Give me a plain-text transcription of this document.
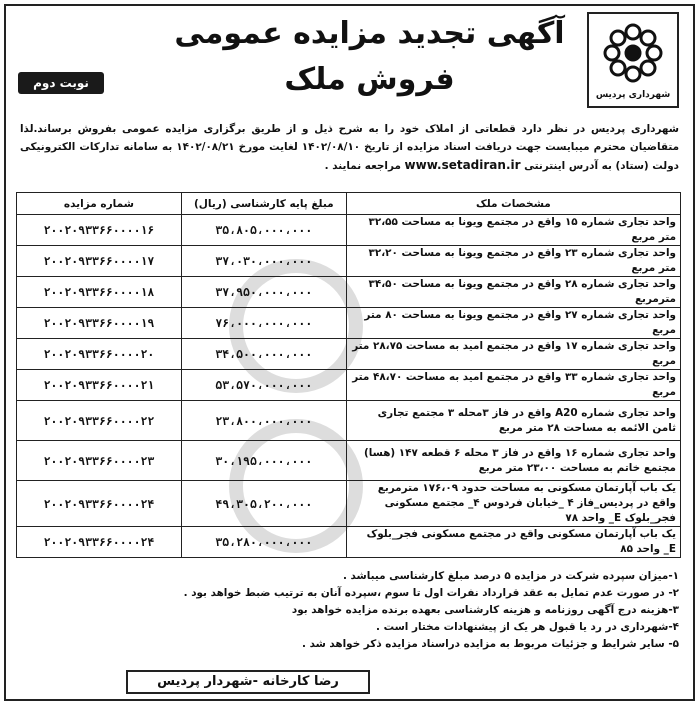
شهرداری پردیس
آگهی تجدید مزایده عمومی
فروش ملک
نوبت دوم
شهرداری پردیس در نظر دارد قطعاتی از املاک خود را به شرح ذیل و از طریق برگزاری مزایده عمومی بفروش برساند.لذا متقاضیان محترم میبایست جهت دریافت اسناد مزایده از تاریخ ۱۴۰۲/۰۸/۱۰ لغایت مورخ ۱۴۰۲/۰۸/۲۱ به سامانه تدارکات الکترونیکی دولت (ستاد) به آدرس اینترنتی www.setadiran.ir مراجعه نمایند .
مشخصات ملک	مبلغ پایه کارشناسی (ریال)	شماره مزایده
واحد تجاری شماره ۱۵ واقع در مجتمع ویونا به مساحت ۳۲،۵۵ متر مربع	۳۵،۸۰۵،۰۰۰،۰۰۰	۲۰۰۲۰۹۳۳۶۶۰۰۰۰۱۶
واحد تجاری شماره ۲۳ واقع در مجتمع ویونا به مساحت ۳۲،۲۰ متر مربع	۳۷،۰۳۰،۰۰۰،۰۰۰	۲۰۰۲۰۹۳۳۶۶۰۰۰۰۱۷
واحد تجاری شماره ۲۸ واقع در مجتمع ویونا به مساحت ۳۴،۵۰ مترمربع	۳۷،۹۵۰،۰۰۰،۰۰۰	۲۰۰۲۰۹۳۳۶۶۰۰۰۰۱۸
واحد تجاری شماره ۲۷ واقع در مجتمع ویونا به مساحت ۸۰ متر مربع	۷۶،۰۰۰،۰۰۰،۰۰۰	۲۰۰۲۰۹۳۳۶۶۰۰۰۰۱۹
واحد تجاری شماره ۱۷ واقع در مجتمع امید به مساحت ۲۸،۷۵ متر مربع	۳۴،۵۰۰،۰۰۰،۰۰۰	۲۰۰۲۰۹۳۳۶۶۰۰۰۰۲۰
واحد تجاری شماره ۳۳ واقع در مجتمع امید به مساحت ۴۸،۷۰ متر مربع	۵۳،۵۷۰،۰۰۰،۰۰۰	۲۰۰۲۰۹۳۳۶۶۰۰۰۰۲۱
واحد تجاری شماره A20 واقع در فاز ۳محله ۳ مجتمع تجاری ثامن الائمه به مساحت ۲۸ متر مربع	۲۳،۸۰۰،۰۰۰،۰۰۰	۲۰۰۲۰۹۳۳۶۶۰۰۰۰۲۲
واحد تجاری شماره ۱۶ واقع در فاز ۳ محله ۶ قطعه ۱۴۷ (هسا) مجتمع خاتم به مساحت ۲۳،۰۰ متر مربع	۳۰،۱۹۵،۰۰۰،۰۰۰	۲۰۰۲۰۹۳۳۶۶۰۰۰۰۲۳
یک باب آپارتمان مسکونی به مساحت حدود ۱۷۶،۰۹ مترمربع واقع در پردیس_فاز ۴ _خیابان فردوس ۴_ مجتمع مسکونی فجر_بلوک E_ واحد ۷۸	۴۹،۳۰۵،۲۰۰،۰۰۰	۲۰۰۲۰۹۳۳۶۶۰۰۰۰۲۴
یک باب آپارتمان مسکونی واقع در مجتمع مسکونی فجر_بلوک E_ واحد ۸۵	۳۵،۲۸۰،۰۰۰،۰۰۰	۲۰۰۲۰۹۳۳۶۶۰۰۰۰۲۴
۱-میزان سپرده شرکت در مزایده ۵ درصد مبلغ کارشناسی میباشد .
۲- در صورت عدم تمایل به عقد قرارداد نفرات اول تا سوم ،سپرده آنان به ترتیب ضبط خواهد بود .
۳-هزینه درج آگهی روزنامه و هزینه کارشناسی بعهده برنده مزایده خواهد بود
۴-شهرداری در رد یا قبول هر یک از پیشنهادات مختار است .
۵- سایر شرایط و جزئیات مربوط به مزایده دراسناد مزایده ذکر خواهد شد .
رضا کارخانه -شهردار پردیس
